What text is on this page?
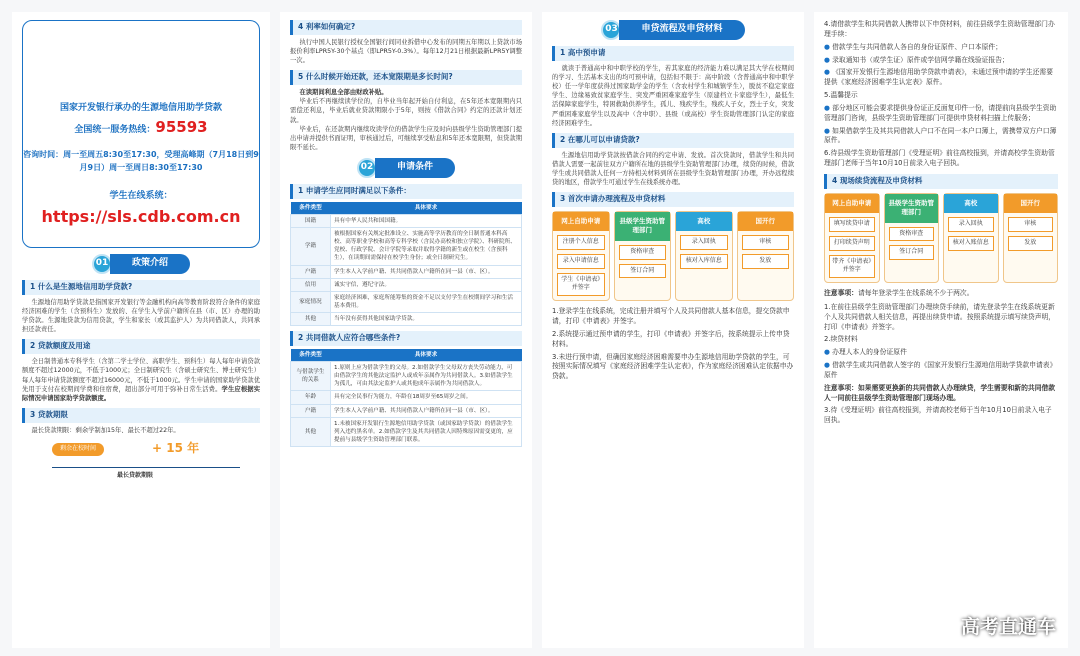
国家开发银行承办的生源地信用助学贷款
全国统一服务热线：95593
咨询时间：周一至周五8:30至17:30，受理高峰期（7月18日到9月9日）周一至周日8:30至17:30
学生在线系统：
https://sls.cdb.com.cn
01	政策介绍
1 什么是生源地信用助学贷款?
生源地信用助学贷款是指国家开发银行等金融机构向高等教育阶段符合条件的家庭经济困难的学生（含预科生）发放的、在学生入学前户籍所在县（市、区）办理的助学贷款。生源地贷款为信用贷款，学生和家长（或其监护人）为共同借款人，共同承担还款责任。
2 贷款额度及用途
全日制普通本专科学生（含第二学士学位、高职学生、预科生）每人每年申请贷款额度不超过12000元，不低于1000元；全日制研究生（含硕士研究生、博士研究生）每人每年申请贷款额度不超过16000元，不低于1000元。学生申请的国家助学贷款优先用于支付在校期间学费和住宿费，超出部分可用于弥补日常生活费。学生应根据实际情况申请国家助学贷款额度。
3 贷款期限
最长贷款期限：剩余学制加15年、最长不超过22年。
剩余在校时间	+ 15 年
最长贷款期限
4 利率如何确定?
执行中国人民银行授权全国银行间同业拆借中心发布的同期五年期以上贷款市场报价利率LPR5Y-30个基点（即LPR5Y-0.3%）。每年12月21日根据最新LPR5Y调整一次。
5 什么时候开始还款，还本宽限期是多长时间?
在读期间利息全部由财政补贴。
毕业后不再继续读学位的，自毕业当年起开始自付利息，在5年还本宽限期内只需偿还利息，毕业后就业贷款期限小于5年，则按《借款合同》约定的还款计划还款。
毕业后，在还款期内继续攻读学位的借款学生应及时向县级学生资助管理部门提出申请并提供书面证明，审核通过后，可继续享受贴息和5年还本宽限期，但贷款期限不延长。
02	申请条件
1 申请学生应同时满足以下条件：
条件类型	具体要求
国籍	具有中华人民共和国国籍。
学籍	被根据国家有关规定批准设立、实施高等学历教育的全日制普通本科高校、高等职业学校和高等专科学校（含民办高校和独立学院）、科研院所、党校、行政学院、会计学院等录取并取得学籍的新生或在校生（含预科生），在读期间需保持在校学生身份；或全日制研究生。
户籍	学生本人入学前户籍、其共同借款人户籍所在同一县（市、区）。
信用	诚实守信，遵纪守法。
家庭情况	家庭经济困难，家庭所能筹集的资金不足以支付学生在校期间学习和生活基本费用。
其他	当年没有获得其他国家助学贷款。
2 共同借款人应符合哪些条件?
条件类型	具体要求
与借款学生的关系	1.原则上应为借款学生的父母。2.如借款学生父母双方丧失劳动能力，可由借款学生的其他法定监护人或成年亲属作为共同借款人。3.如借款学生为孤儿，可由其法定监护人或其他成年亲属作为共同借款人。
年龄	具有完全民事行为能力，年龄在18周岁至65周岁之间。
户籍	学生本人入学前户籍、其共同借款人户籍所在同一县（市、区）。
其他	1.未被国家开发银行生源地信用助学贷款（或国家助学贷款）的借款学生列入违约黑名单。2.如借款学生及其共同借款人因特殊原因需变更的，应提前与县级学生资助管理部门联系。
03	申贷流程及申贷材料
1 高中预申请
就读于普通高中和中职学校的学生，若其家庭的经济能力难以满足其大学在校期间的学习、生活基本支出的均可预申请，包括但不限于：高中阶段（含普通高中和中职学校）任一学年度获得过国家助学金的学生（含农村学生和城镇学生），脱贫不稳定家庭学生、边缘易致贫家庭学生、突发严重困难家庭学生（原建档立卡家庭学生），最低生活保障家庭学生，特困救助供养学生，孤儿、残疾学生，残疾人子女，烈士子女，突发严重困难家庭学生以及高中（含中职）、县级（或高校）学生资助管理部门认定的家庭经济困难学生。
2 在哪儿可以申请贷款?
生源地信用助学贷款按借款合同的约定申请、发放。首次贷款时，借款学生和共同借款人需要一起前往双方户籍所在地的县级学生资助管理部门办理，续贷的时候，借款学生或共同借款人任何一方持相关材料到所在县级学生资助管理部门办理，开办远程续贷的地区，借款学生可通过学生在线系统办理。
3 首次申请办理流程及申贷材料
网上自助申请
注册个人信息
录入申请信息
学生《申请表》并签字
县级学生资助管理部门
资格审查
签订合同
高校
录入回执
核对入库信息
国开行
审核
发放
1.登录学生在线系统，完成注册并填写个人及共同借款人基本信息，提交贷款申请，打印《申请表》并签字。
2.系统提示通过预申请的学生，打印《申请表》并签字后，按系统提示上传申贷材料。
3.未进行预申请，但确因家庭经济困难需要申办生源地信用助学贷款的学生，可按照实际情况填写《家庭经济困难学生认定表》，作为家庭经济困难认定依据申办贷款。
4.请借款学生和共同借款人携带以下申贷材料，前往县级学生资助管理部门办理手续：
● 借款学生与共同借款人各自的身份证原件、户口本原件；
● 录取通知书（或学生证）原件或学信网学籍在线验证报告；
● 《国家开发银行生源地信用助学贷款申请表》，未通过预申请的学生还需要提供《家庭经济困难学生认定表》原件。
5.温馨提示
● 部分地区可能会要求提供身份证正反面复印件一份，请提前向县级学生资助管理部门咨询，县级学生资助管理部门可提供申贷材料扫描上传服务；
● 如果借款学生及其共同借款人户口不在同一本户口簿上，需携带双方户口簿原件。
6.待县级学生资助管理部门《受理证明》前往高校报到，并请高校学生资助管理部门老师于当年10月10日前录入电子回执。
4 现场续贷流程及申贷材料
网上自助申请
填写续贷申请
打印续贷声明
带齐《申请表》并签字
县级学生资助管理部门
资格审查
签订合同
高校
录入回执
核对入账信息
国开行
审核
发放
注意事项：请每年登录学生在线系统不少于两次。
1.在前往县级学生资助管理部门办理续贷手续前，请先登录学生在线系统更新个人及共同借款人相关信息，再提出续贷申请。按照系统提示填写续贷声明，打印《申请表》并签字。
2.续贷材料
● 办理人本人的身份证原件
● 借款学生或共同借款人签字的《国家开发银行生源地信用助学贷款申请表》原件
注意事项：如果需要更换新的共同借款人办理续贷，学生需要和新的共同借款人一同前往县级学生资助管理部门现场办理。
3.待《受理证明》前往高校报到，并请高校老师于当年10月10日前录入电子回执。
高考直通车
